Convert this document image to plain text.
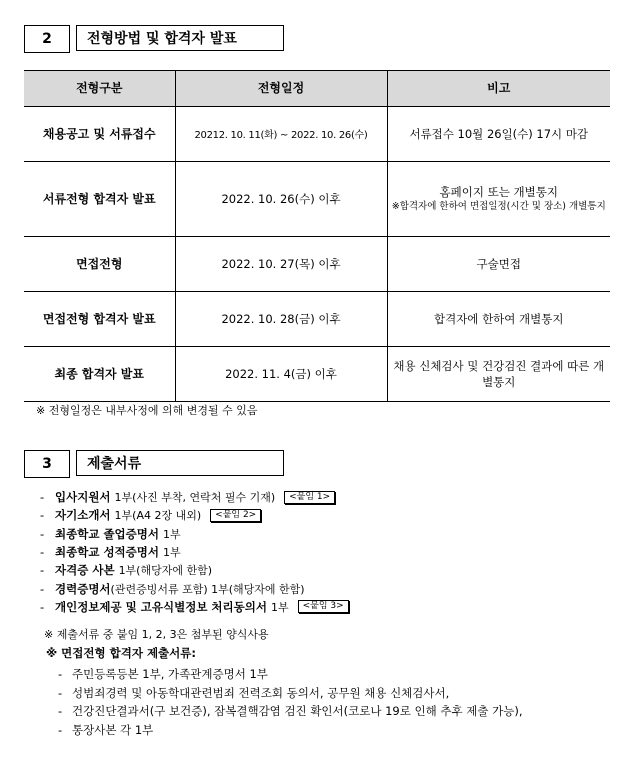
2	전형방법 및 합격자 발표
전형구분	전형일정	비고
채용공고 및 서류접수	20212. 10. 11(화) ~ 2022. 10. 26(수)	서류접수 10월 26일(수) 17시 마감
서류전형 합격자 발표	2022. 10. 26(수) 이후	홈페이지 또는 개별통지
※합격자에 한하여 면접일정(시간 및 장소) 개별통지

면접전형	2022. 10. 27(목) 이후	구술면접
면접전형 합격자 발표	2022. 10. 28(금) 이후	합격자에 한하여 개별통지
최종 합격자 발표	2022. 11. 4(금) 이후	채용 신체검사 및 건강검진 결과에 따른 개별통지
※ 전형일정은 내부사정에 의해 변경될 수 있음
3	제출서류
- 입사지원서 1부(사진 부착, 연락처 필수 기재)	<붙임 1>
- 자기소개서 1부(A4 2장 내외)	<붙임 2>
- 최종학교 졸업증명서 1부
- 최종학교 성적증명서 1부
- 자격증 사본 1부(해당자에 한함)
- 경력증명서 (관련증빙서류 포함) 1부(해당자에 한함)
- 개인정보제공 및 고유식별정보 처리동의서 1부	<붙임 3>
※ 제출서류 중 붙임 1, 2, 3은 첨부된 양식사용
※ 면접전형 합격자 제출서류:
- 주민등록등본 1부, 가족관계증명서 1부
- 성범죄경력 및 아동학대관련범죄 전력조회 동의서, 공무원 채용 신체검사서,
- 건강진단결과서(구 보건증), 잠복결핵감염 검진 확인서(코로나 19로 인해 추후 제출 가능),
- 통장사본 각 1부
